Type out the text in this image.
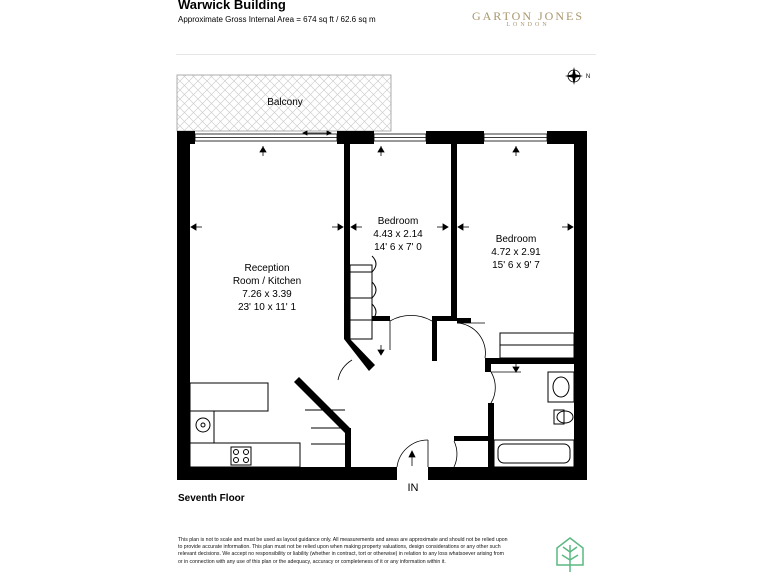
Warwick Building
Approximate Gross Internal Area = 674 sq ft / 62.6 sq m	GARTON JONES
LONDON
Balcony
Reception
Room / Kitchen
7.26 x 3.39
23' 10 x 11' 1
Bedroom
4.43 x 2.14
14' 6 x 7' 0
Bedroom
4.72 x 2.91
15' 6 x 9' 7
IN
N
Seventh Floor
This plan is not to scale and must be used as layout guidance only. All measurements and areas are approximate and should not be relied upon to provide accurate information. This plan must not be relied upon when making property valuations, design considerations or any other such relevant decisions. We accept no responsibility or liability (whether in contract, tort or otherwise) in relation to any loss whatsoever arising from or in connection with any use of this plan or the adequacy, accuracy or completeness of it or any information within it.
